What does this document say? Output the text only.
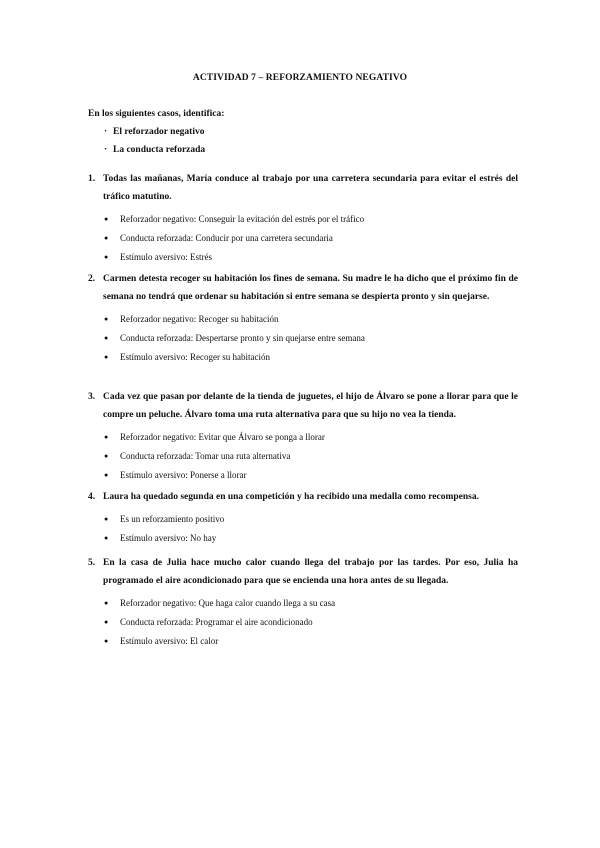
ACTIVIDAD 7 – REFORZAMIENTO NEGATIVO
En los siguientes casos, identifica:
· El reforzador negativo
· La conducta reforzada
1. Todas las mañanas, María conduce al trabajo por una carretera secundaria para evitar el estrés del tráfico matutino.
●	Reforzador negativo: Conseguir la evitación del estrés por el tráfico
●	Conducta reforzada: Conducir por una carretera secundaria
●	Estímulo aversivo: Estrés
2. Carmen detesta recoger su habitación los fines de semana. Su madre le ha dicho que el próximo fin de semana no tendrá que ordenar su habitación si entre semana se despierta pronto y sin quejarse.
●	Reforzador negativo: Recoger su habitación
●	Conducta reforzada: Despertarse pronto y sin quejarse entre semana
●	Estímulo aversivo: Recoger su habitación
3. Cada vez que pasan por delante de la tienda de juguetes, el hijo de Álvaro se pone a llorar para que le compre un peluche. Álvaro toma una ruta alternativa para que su hijo no vea la tienda.
●	Reforzador negativo: Evitar que Álvaro se ponga a llorar
●	Conducta reforzada: Tomar una ruta alternativa
●	Estímulo aversivo: Ponerse a llorar
4. Laura ha quedado segunda en una competición y ha recibido una medalla como recompensa.
●	Es un reforzamiento positivo
●	Estímulo aversivo: No hay
5. En la casa de Julia hace mucho calor cuando llega del trabajo por las tardes. Por eso, Julia ha programado el aire acondicionado para que se encienda una hora antes de su llegada.
●	Reforzador negativo: Que haga calor cuando llega a su casa
●	Conducta reforzada: Programar el aire acondicionado
●	Estímulo aversivo: El calor
